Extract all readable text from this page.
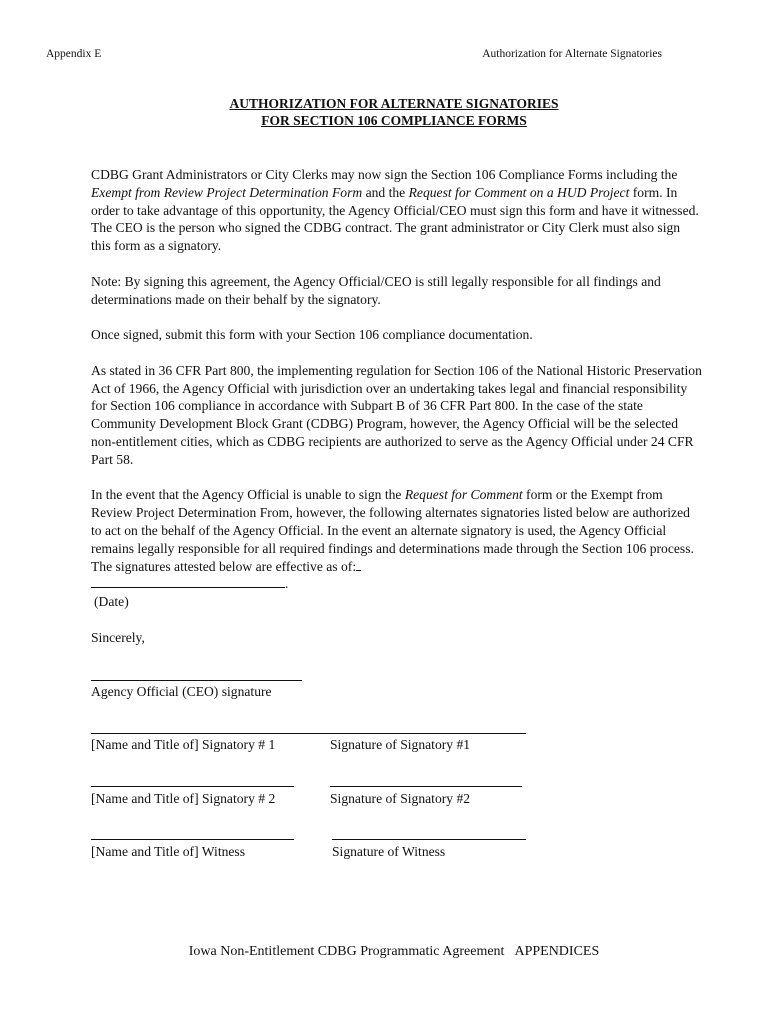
Appendix E	Authorization for Alternate Signatories
AUTHORIZATION FOR ALTERNATE SIGNATORIES
FOR SECTION 106 COMPLIANCE FORMS

CDBG Grant Administrators or City Clerks may now sign the Section 106 Compliance Forms including the Exempt from Review Project Determination Form and the Request for Comment on a HUD Project form. In order to take advantage of this opportunity, the Agency Official/CEO must sign this form and have it witnessed. The CEO is the person who signed the CDBG contract. The grant administrator or City Clerk must also sign this form as a signatory.

Note: By signing this agreement, the Agency Official/CEO is still legally responsible for all findings and determinations made on their behalf by the signatory.

Once signed, submit this form with your Section 106 compliance documentation.

As stated in 36 CFR Part 800, the implementing regulation for Section 106 of the National Historic Preservation Act of 1966, the Agency Official with jurisdiction over an undertaking takes legal and financial responsibility for Section 106 compliance in accordance with Subpart B of 36 CFR Part 800. In the case of the state Community Development Block Grant (CDBG) Program, however, the Agency Official will be the selected non-entitlement cities, which as CDBG recipients are authorized to serve as the Agency Official under 24 CFR Part 58.

In the event that the Agency Official is unable to sign the Request for Comment form or the Exempt from Review Project Determination From, however, the following alternates signatories listed below are authorized to act on the behalf of the Agency Official. In the event an alternate signatory is used, the Agency Official remains legally responsible for all required findings and determinations made through the Section 106 process. The signatures attested below are effective as of:
.

(Date)
Sincerely,
Agency Official (CEO) signature
[Name and Title of] Signatory # 1	Signature of Signatory #1
[Name and Title of] Signatory # 2	Signature of Signatory #2
[Name and Title of] Witness	Signature of Witness
Iowa Non-Entitlement CDBG Programmatic Agreement APPENDICES
